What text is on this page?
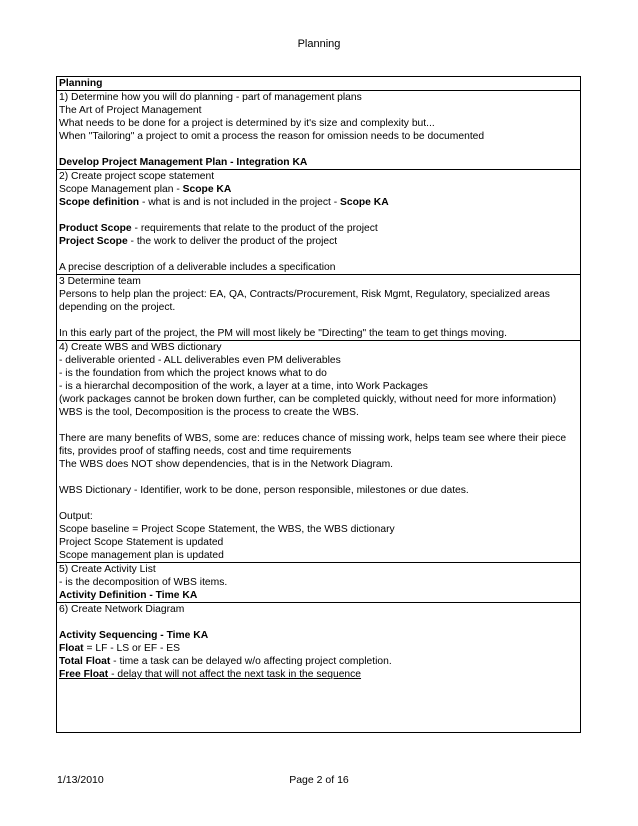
Planning
Planning
1) Determine how you will do planning - part of management plans
The Art of Project Management
What needs to be done for a project is determined by it's size and complexity but...
When "Tailoring" a project to omit a process the reason for omission needs to be documented
Develop Project Management Plan - Integration KA
2) Create project scope statement
Scope Management plan - Scope KA
Scope definition - what is and is not included in the project - Scope KA
Product Scope - requirements that relate to the product of the project
Project Scope - the work to deliver the product of the project
A precise description of a deliverable includes a specification
3 Determine team
Persons to help plan the project: EA, QA, Contracts/Procurement, Risk Mgmt, Regulatory, specialized areas depending on the project.
In this early part of the project, the PM will most likely be "Directing" the team to get things moving.
4) Create WBS and WBS dictionary
- deliverable oriented - ALL deliverables even PM deliverables
- is the foundation from which the project knows what to do
- is a hierarchal decomposition of the work, a layer at a time, into Work Packages
(work packages cannot be broken down further, can be completed quickly, without need for more information)
WBS is the tool, Decomposition is the process to create the WBS.
There are many benefits of WBS, some are: reduces chance of missing work, helps team see where their piece fits, provides proof of staffing needs, cost and time requirements
The WBS does NOT show dependencies, that is in the Network Diagram.
WBS Dictionary - Identifier, work to be done, person responsible, milestones or due dates.
Output:
Scope baseline = Project Scope Statement, the WBS, the WBS dictionary
Project Scope Statement is updated
Scope management plan is updated
5) Create Activity List
- is the decomposition of WBS items.
Activity Definition - Time KA
6) Create Network Diagram
Activity Sequencing - Time KA
Float = LF - LS or EF - ES
Total Float - time a task can be delayed w/o affecting project completion.
Free Float - delay that will not affect the next task in the sequence
1/13/2010	Page 2 of 16
